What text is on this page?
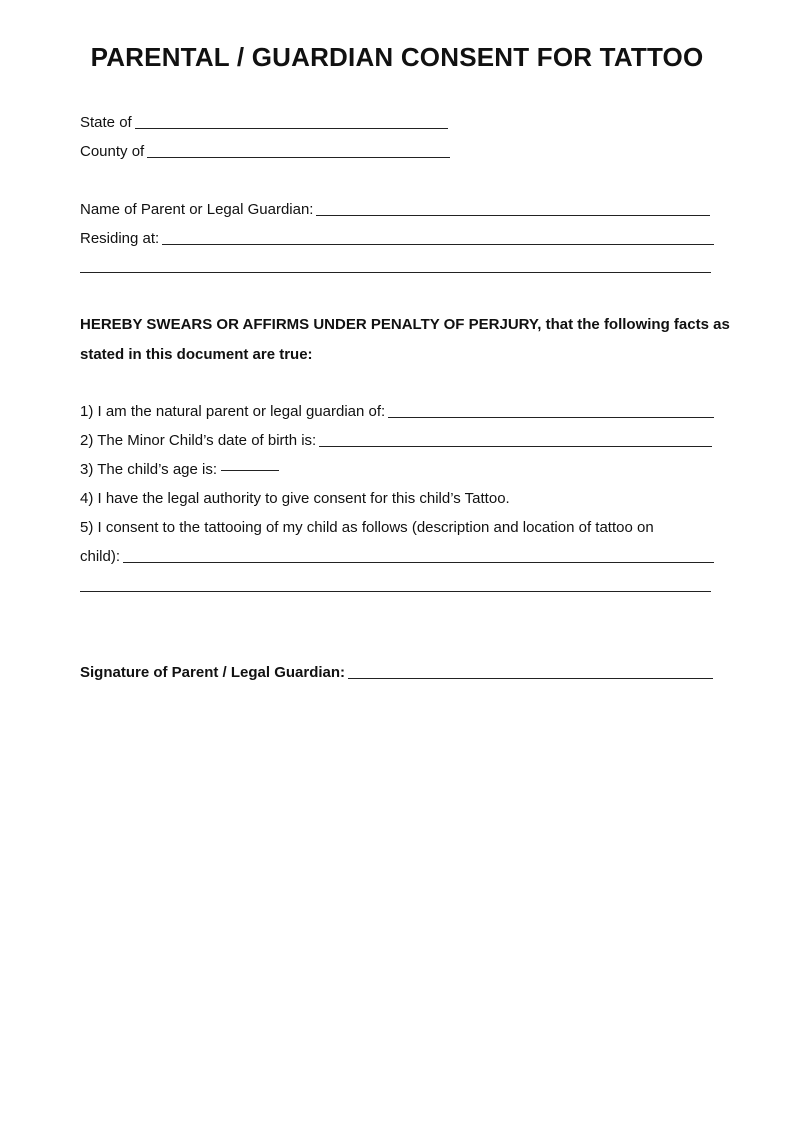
PARENTAL / GUARDIAN CONSENT FOR TATTOO
State of
County of
Name of Parent or Legal Guardian:
Residing at:
HEREBY SWEARS OR AFFIRMS UNDER PENALTY OF PERJURY, that the following facts as
stated in this document are true:
1) I am the natural parent or legal guardian of:
2) The Minor Child’s date of birth is:
3) The child’s age is:
4) I have the legal authority to give consent for this child’s Tattoo.
5) I consent to the tattooing of my child as follows (description and location of tattoo on
child):
Signature of Parent / Legal Guardian:
